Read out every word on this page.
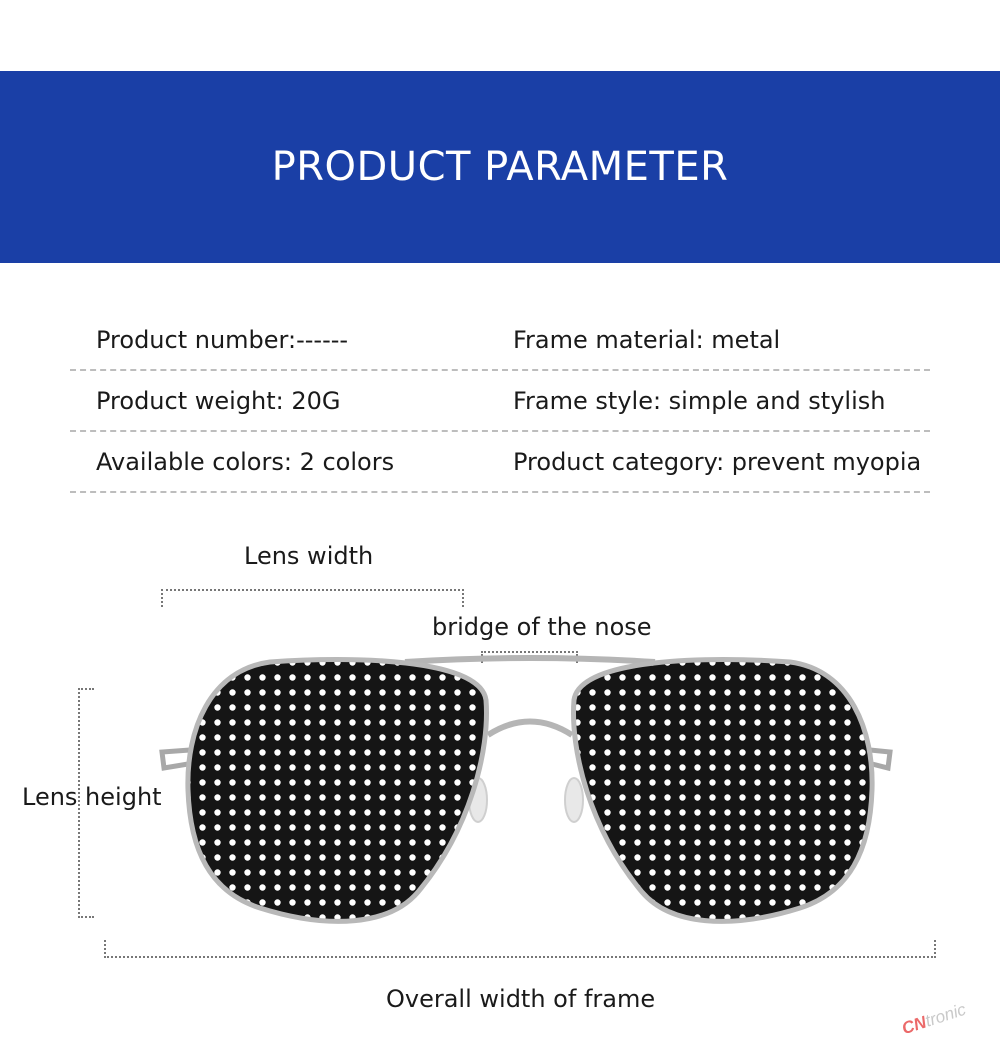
PRODUCT PARAMETER
Product number:------	Frame material: metal
Product weight: 20G	Frame style: simple and stylish
Available colors: 2 colors	Product category: prevent myopia
Lens width
bridge of the nose
Lens height
Overall width of frame
CNtronic
